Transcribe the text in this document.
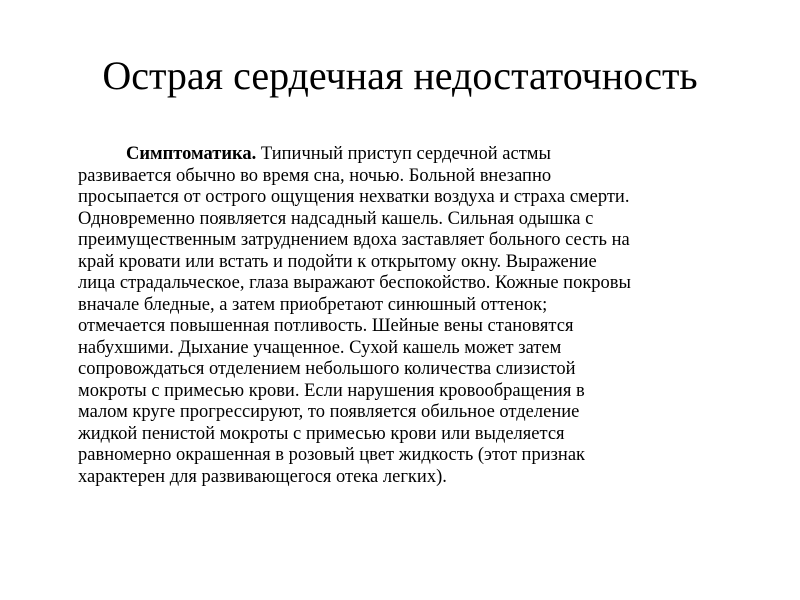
Острая сердечная недостаточность
Симптоматика. Типичный приступ сердечной астмы
развивается обычно во время сна, ночью. Больной внезапно
просыпается от острого ощущения нехватки воздуха и страха смерти.
Одновременно появляется надсадный кашель. Сильная одышка с
преимущественным затруднением вдоха заставляет больного сесть на
край кровати или встать и подойти к открытому окну. Выражение
лица страдальческое, глаза выражают беспокойство. Кожные покровы
вначале бледные, а затем приобретают синюшный оттенок;
отмечается повышенная потливость. Шейные вены становятся
набухшими. Дыхание учащенное. Сухой кашель может затем
сопровождаться отделением небольшого количества слизистой
мокроты с примесью крови. Если нарушения кровообращения в
малом круге прогрессируют, то появляется обильное отделение
жидкой пенистой мокроты с примесью крови или выделяется
равномерно окрашенная в розовый цвет жидкость (этот признак
характерен для развивающегося отека легких).
